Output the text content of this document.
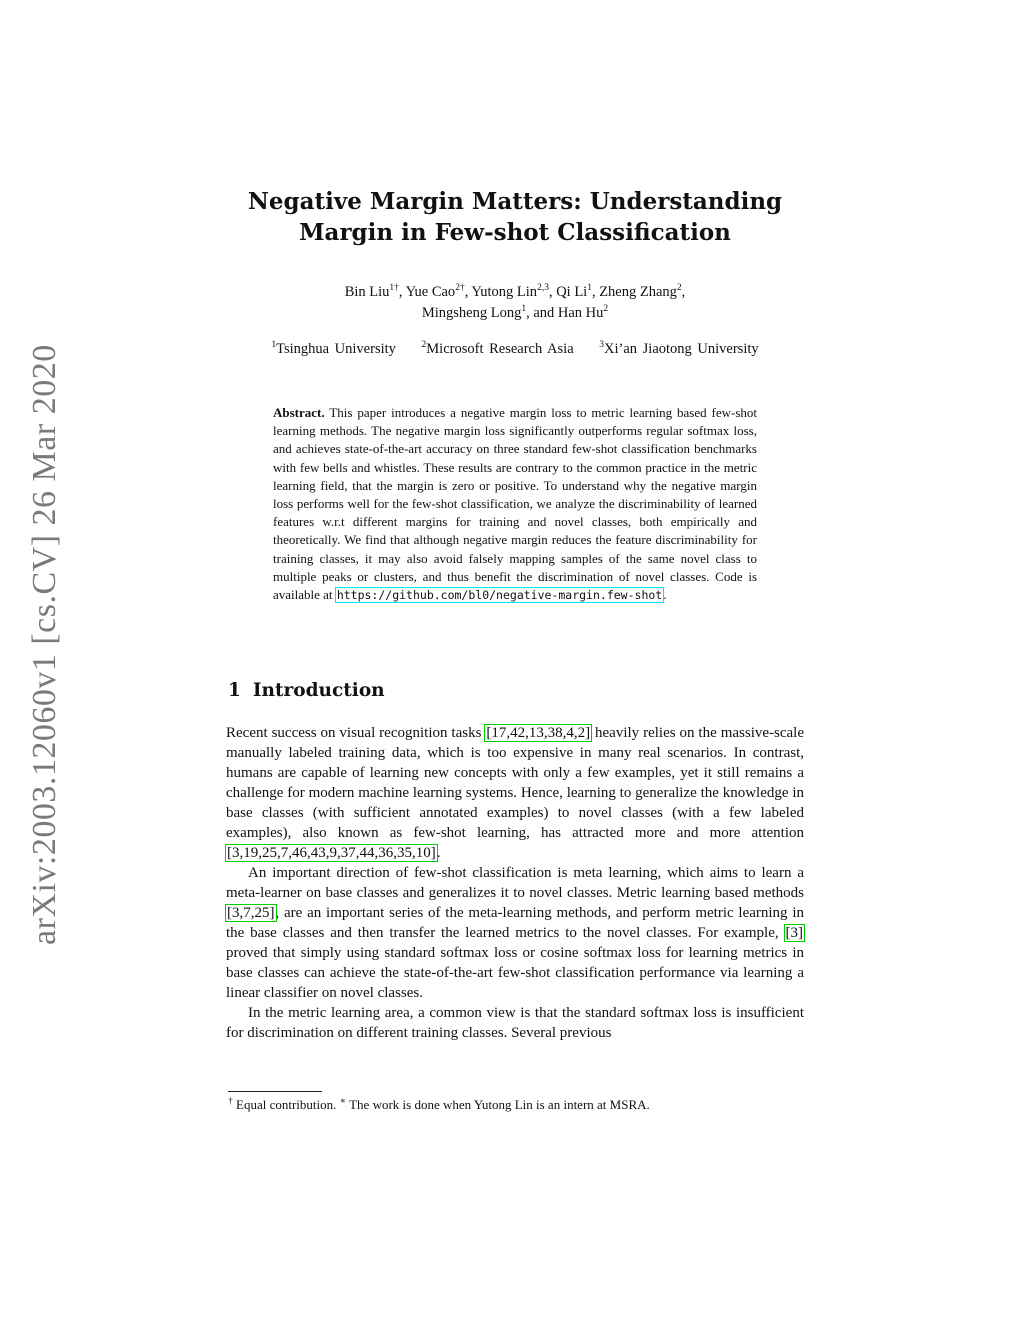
arXiv:2003.12060v1 [cs.CV] 26 Mar 2020
Negative Margin Matters: Understanding
Margin in Few-shot Classification
Bin Liu$^{1\dagger}$, Yue Cao$^{2\dagger}$, Yutong Lin$^{2,3}$, Qi Li$^1$, Zheng Zhang$^2$,
Mingsheng Long$^1$, and Han Hu$^2$
$^1$Tsinghua University	$^2$Microsoft Research Asia	$^3$Xi’an Jiaotong University
Abstract. This paper introduces a negative margin loss to metric learning based few-shot learning methods. The negative margin loss significantly outperforms regular softmax loss, and achieves state-of-the-art accuracy on three standard few-shot classification benchmarks with few bells and whistles. These results are contrary to the common practice in the metric learning field, that the margin is zero or positive. To understand why the negative margin loss performs well for the few-shot classification, we analyze the discriminability of learned features w.r.t different margins for training and novel classes, both empirically and theoretically. We find that although negative margin reduces the feature discriminability for training classes, it may also avoid falsely mapping samples of the same novel class to multiple peaks or clusters, and thus benefit the discrimination of novel classes. Code is available at https://github.com/bl0/negative-margin.few-shot.
1 Introduction

Recent success on visual recognition tasks [17,42,13,38,4,2] heavily relies on the massive-scale manually labeled training data, which is too expensive in many real scenarios. In contrast, humans are capable of learning new concepts with only a few examples, yet it still remains a challenge for modern machine learning systems. Hence, learning to generalize the knowledge in base classes (with sufficient annotated examples) to novel classes (with a few labeled examples), also known as few-shot learning, has attracted more and more attention [3,19,25,7,46,43,9,37,44,36,35,10].

An important direction of few-shot classification is meta learning, which aims to learn a meta-learner on base classes and generalizes it to novel classes. Metric learning based methods [3,7,25], are an important series of the meta-learning methods, and perform metric learning in the base classes and then transfer the learned metrics to the novel classes. For example, [3] proved that simply using standard softmax loss or cosine softmax loss for learning metrics in base classes can achieve the state-of-the-art few-shot classification performance via learning a linear classifier on novel classes.

In the metric learning area, a common view is that the standard softmax loss is insufficient for discrimination on different training classes. Several previous

† Equal contribution. ∗ The work is done when Yutong Lin is an intern at MSRA.
